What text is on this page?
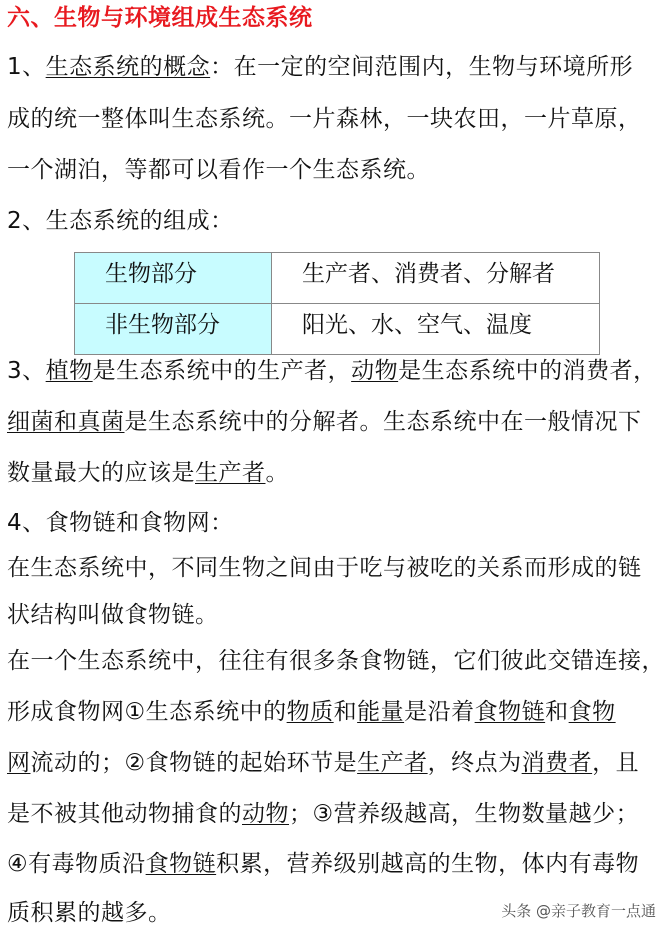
六、生物与环境组成生态系统
1、生态系统的概念：在一定的空间范围内，生物与环境所形
成的统一整体叫生态系统。一片森林，一块农田，一片草原，
一个湖泊，等都可以看作一个生态系统。
2、生态系统的组成：
3、植物是生态系统中的生产者，动物是生态系统中的消费者，
细菌和真菌是生态系统中的分解者。生态系统中在一般情况下
数量最大的应该是生产者。
4、食物链和食物网：
在生态系统中，不同生物之间由于吃与被吃的关系而形成的链
状结构叫做食物链。
在一个生态系统中，往往有很多条食物链，它们彼此交错连接，
形成食物网①生态系统中的物质和能量是沿着食物链和食物
网流动的；②食物链的起始环节是生产者，终点为消费者，且
是不被其他动物捕食的动物；③营养级越高，生物数量越少；
④有毒物质沿食物链积累，营养级别越高的生物，体内有毒物
质积累的越多。
生物部分	生产者、消费者、分解者
非生物部分	阳光、水、空气、温度
头条 @亲子教育一点通
